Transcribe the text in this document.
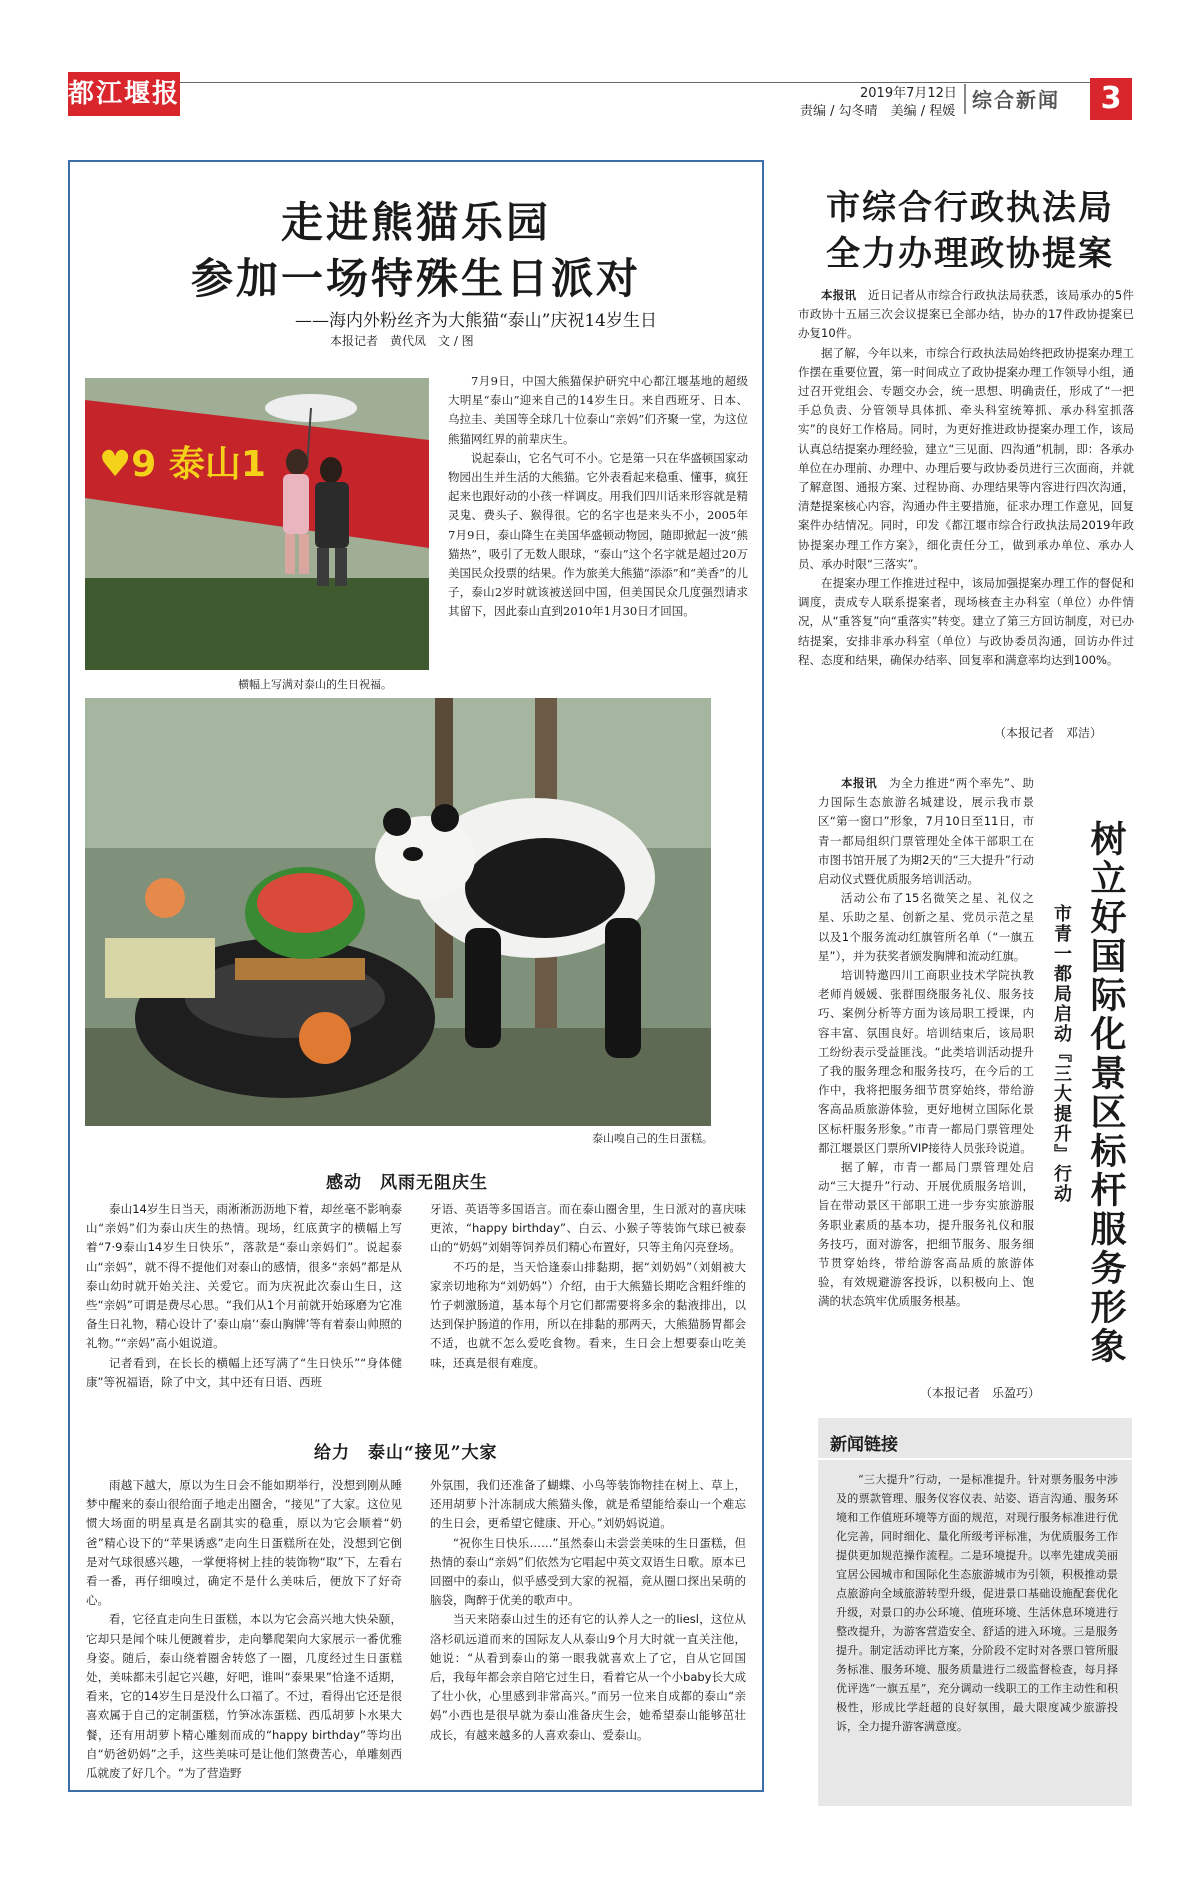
都江堰报	2019年7月12日
责编 / 勾冬晴　美编 / 程媛 综合新闻	3
走进熊猫乐园
参加一场特殊生日派对
——海内外粉丝齐为大熊猫“泰山”庆祝14岁生日
本报记者　黄代凤　文 / 图
♥9 泰山1
横幅上写满对泰山的生日祝福。

7月9日，中国大熊猫保护研究中心都江堰基地的超级大明星“泰山”迎来自己的14岁生日。来自西班牙、日本、乌拉圭、美国等全球几十位泰山“亲妈”们齐聚一堂，为这位熊猫网红界的前辈庆生。

说起泰山，它名气可不小。它是第一只在华盛顿国家动物园出生并生活的大熊猫。它外表看起来稳重、懂事，疯狂起来也跟好动的小孩一样调皮。用我们四川话来形容就是精灵鬼、费头子、猴得很。它的名字也是来头不小，2005年7月9日，泰山降生在美国华盛顿动物园，随即掀起一波“熊猫热”，吸引了无数人眼球，“泰山”这个名字就是超过20万美国民众投票的结果。作为旅美大熊猫“添添”和“美香”的儿子，泰山2岁时就该被送回中国，但美国民众几度强烈请求其留下，因此泰山直到2010年1月30日才回国。

泰山嗅自己的生日蛋糕。
感动　风雨无阻庆生

泰山14岁生日当天，雨淅淅沥沥地下着，却丝毫不影响泰山“亲妈”们为泰山庆生的热情。现场，红底黄字的横幅上写着“7·9泰山14岁生日快乐”，落款是“泰山亲妈们”。说起泰山“亲妈”，就不得不提他们对泰山的感情，很多“亲妈”都是从泰山幼时就开始关注、关爱它。而为庆祝此次泰山生日，这些“亲妈”可谓是费尽心思。“我们从1个月前就开始琢磨为它准备生日礼物，精心设计了‘泰山扇’‘泰山胸牌’等有着泰山帅照的礼物。”“亲妈”高小姐说道。

记者看到，在长长的横幅上还写满了“生日快乐”“身体健康”等祝福语，除了中文，其中还有日语、西班

牙语、英语等多国语言。而在泰山圈舍里，生日派对的喜庆味更浓，“happy birthday”、白云、小猴子等装饰气球已被泰山的“奶妈”刘娟等饲养员们精心布置好，只等主角闪亮登场。

不巧的是，当天恰逢泰山排黏期，据“刘奶妈”（刘娟被大家亲切地称为“刘奶妈”）介绍，由于大熊猫长期吃含粗纤维的竹子刺激肠道，基本每个月它们都需要将多余的黏液排出，以达到保护肠道的作用，所以在排黏的那两天，大熊猫肠胃都会不适，也就不怎么爱吃食物。看来，生日会上想要泰山吃美味，还真是很有难度。

给力　泰山“接见”大家

雨越下越大，原以为生日会不能如期举行，没想到刚从睡梦中醒来的泰山很给面子地走出圈舍，“接见”了大家。这位见惯大场面的明星真是名副其实的稳重，原以为它会顺着“奶爸”精心设下的“苹果诱惑”走向生日蛋糕所在处，没想到它倒是对气球很感兴趣，一掌便将树上挂的装饰物“取”下，左看右看一番，再仔细嗅过，确定不是什么美味后，便放下了好奇心。

看，它径直走向生日蛋糕，本以为它会高兴地大快朵颐，它却只是闻个味儿便踱着步，走向攀爬架向大家展示一番优雅身姿。随后，泰山绕着圈舍转悠了一圈，几度经过生日蛋糕处，美味都未引起它兴趣，好吧，谁叫“泰果果”恰逢不适期，看来，它的14岁生日是没什么口福了。不过，看得出它还是很喜欢属于自己的定制蛋糕，竹笋冰冻蛋糕、西瓜胡萝卜水果大餐，还有用胡萝卜精心雕刻而成的“happy birthday”等均出自“奶爸奶妈”之手，这些美味可是让他们煞费苦心，单雕刻西瓜就废了好几个。“为了营造野

外氛围，我们还准备了蝴蝶、小鸟等装饰物挂在树上、草上，还用胡萝卜汁冻制成大熊猫头像，就是希望能给泰山一个难忘的生日会，更希望它健康、开心。”刘奶妈说道。

“祝你生日快乐……”虽然泰山未尝尝美味的生日蛋糕，但热情的泰山“亲妈”们依然为它唱起中英文双语生日歌。原本已回圈中的泰山，似乎感受到大家的祝福，竟从圈口探出呆萌的脑袋，陶醉于优美的歌声中。

当天来陪泰山过生的还有它的认养人之一的liesl，这位从洛杉矶远道而来的国际友人从泰山9个月大时就一直关注他，她说：“从看到泰山的第一眼我就喜欢上了它，自从它回国后，我每年都会亲自陪它过生日，看着它从一个小baby长大成了壮小伙，心里感到非常高兴。”而另一位来自成都的泰山“亲妈”小西也是很早就为泰山准备庆生会，她希望泰山能够茁壮成长，有越来越多的人喜欢泰山、爱泰山。

市综合行政执法局
全力办理政协提案

本报讯　 近日记者从市综合行政执法局获悉，该局承办的5件市政协十五届三次会议提案已全部办结，协办的17件政协提案已办复10件。

据了解，今年以来，市综合行政执法局始终把政协提案办理工作摆在重要位置，第一时间成立了政协提案办理工作领导小组，通过召开党组会、专题交办会，统一思想、明确责任，形成了“一把手总负责、分管领导具体抓、牵头科室统筹抓、承办科室抓落实”的良好工作格局。同时，为更好推进政协提案办理工作，该局认真总结提案办理经验，建立“三见面、四沟通”机制，即：各承办单位在办理前、办理中、办理后要与政协委员进行三次面商，并就了解意图、通报方案、过程协商、办理结果等内容进行四次沟通，清楚提案核心内容，沟通办件主要措施，征求办理工作意见，回复案件办结情况。同时，印发《都江堰市综合行政执法局2019年政协提案办理工作方案》，细化责任分工，做到承办单位、承办人员、承办时限“三落实”。

在提案办理工作推进过程中，该局加强提案办理工作的督促和调度，责成专人联系提案者，现场核查主办科室（单位）办件情况，从“重答复”向“重落实”转变。建立了第三方回访制度，对已办结提案，安排非承办科室（单位）与政协委员沟通，回访办件过程、态度和结果，确保办结率、回复率和满意率均达到100%。

（本报记者　邓洁）

本报讯　 为全力推进“两个率先”、助力国际生态旅游名城建设，展示我市景区“第一窗口”形象，7月10日至11日，市青一都局组织门票管理处全体干部职工在市图书馆开展了为期2天的“三大提升”行动启动仪式暨优质服务培训活动。

活动公布了15名微笑之星、礼仪之星、乐助之星、创新之星、党员示范之星以及1个服务流动红旗管所名单（“一旗五星”），并为获奖者颁发胸牌和流动红旗。

培训特邀四川工商职业技术学院执教老师肖媛媛、张群围绕服务礼仪、服务技巧、案例分析等方面为该局职工授课，内容丰富、氛围良好。培训结束后，该局职工纷纷表示受益匪浅。“此类培训活动提升了我的服务理念和服务技巧，在今后的工作中，我将把服务细节贯穿始终，带给游客高品质旅游体验，更好地树立国际化景区标杆服务形象。”市青一都局门票管理处都江堰景区门票所VIP接待人员张玲说道。

据了解，市青一都局门票管理处启动“三大提升”行动、开展优质服务培训，旨在带动景区干部职工进一步夯实旅游服务职业素质的基本功，提升服务礼仪和服务技巧，面对游客，把细节服务、服务细节贯穿始终，带给游客高品质的旅游体验，有效规避游客投诉，以积极向上、饱满的状态筑牢优质服务根基。

（本报记者　乐盈巧）
树立好国际化景区标杆服务形象
市青一都局启动『三大提升』行动
新闻链接

“三大提升”行动，一是标准提升。针对票务服务中涉及的票款管理、服务仪容仪表、站姿、语言沟通、服务环境和工作值班环境等方面的规范，对现行服务标准进行优化完善，同时细化、量化所级考评标准，为优质服务工作提供更加规范操作流程。二是环境提升。以率先建成美丽宜居公园城市和国际化生态旅游城市为引领，积极推动景点旅游向全域旅游转型升级，促进景口基础设施配套优化升级，对景口的办公环境、值班环境、生活休息环境进行整改提升，为游客营造安全、舒适的进入环境。三是服务提升。制定活动评比方案，分阶段不定时对各票口管所服务标准、服务环境、服务质量进行二级监督检查，每月择优评选“一旗五星”，充分调动一线职工的工作主动性和积极性，形成比学赶超的良好氛围，最大限度减少旅游投诉，全力提升游客满意度。
